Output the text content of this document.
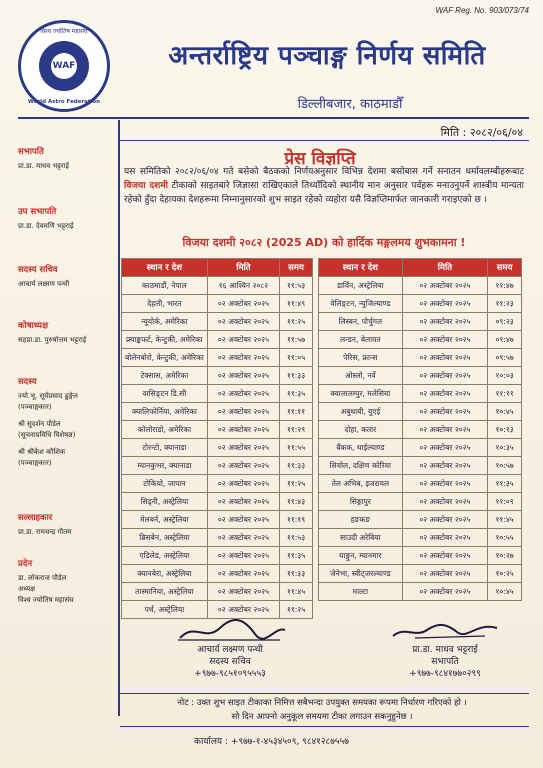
WAF Reg. No. 903/073/74
विश्व ज्योतिष महासंघ
WAF
World Astro Federation
अन्तर्राष्ट्रिय पञ्चाङ्ग निर्णय समिति
डिल्लीबजार, काठमाडौँ
सभापति
प्रा.डा. माधव भट्टराई
उप सभापति
प्रा.डा. देवमणि भट्टराई
सदस्य सचिव
आचार्य लक्ष्मण पन्थी
कोषाध्यक्ष
सहप्रा.डा. पुरुषोत्तम भट्टराई
सदस्य
ज्यो.भू. सूर्यप्रसाद ढुङ्गेल
(पञ्चाङ्गकार)
श्री सुदर्शन पौडेल
(सूचनाप्रविधि विशेषज्ञ)
श्री श्रीकेश कौशिक
(पञ्चाङ्गकार)
सल्लाहकार
प्रा.डा. रामचन्द्र गौतम
प्रदेन
डा. लोकराज पौडेल
अध्यक्ष
विश्व ज्योतिष महासंघ
मिति : २०८२/०६/०४
प्रेस विज्ञप्ति
यस समितिको २०८२/०६/०४ गते बसेको बैठकको निर्णयअनुसार विभिन्न देशमा बसोबास गर्ने सनातन धर्मावलम्बीहरूबाट विजया दशमी टीकाको साइतबारे जिज्ञासा राखिएकाले तिथ्याँदिको स्थानीय मान अनुसार पर्वहरू मनाउनुपर्ने शास्त्रीय मान्यता रहेको हुँदा देहायका देशहरूमा निम्नानुसारको शुभ साइत रहेको व्यहोरा यसै विज्ञप्तिमार्फत जानकारी गराइएको छ ।
विजया दशमी २०८२ (2025 AD) को हार्दिक मङ्गलमय शुभकामना !
स्थान र देश	मिति	समय
काठमाडौं, नेपाल	१६ आश्विन २०८२	११:५३
देहली, भारत	०२ अक्टोबर २०२५	११:४९
न्यूयोर्क, अमेरिका	०२ अक्टोबर २०२५	११:२५
फ्र्याङ्कफर्ट, केन्टुकी, अमेरिका	०२ अक्टोबर २०२५	११:५७
बोलेनबोरो, केन्टुकी, अमेरिका	०२ अक्टोबर २०२५	११:०५
टेक्सास, अमेरिका	०२ अक्टोबर २०२५	११:३३
वासिङ्टन डि.सी	०२ अक्टोबर २०२५	११:३५
क्यालिफोर्निया, अमेरिका	०२ अक्टोबर २०२५	११:११
कोलोराडो, अमेरिका	०२ अक्टोबर २०२५	११:२९
टोरन्टो, क्यानाडा	०२ अक्टोबर २०२५	११:५५
म्यानकुभर, क्यानाडा	०२ अक्टोबर २०२५	११:३३
टोकियो, जापान	०२ अक्टोबर २०२५	११:२५
सिड्नी, अस्ट्रेलिया	०२ अक्टोबर २०२५	११:४३
मेलबर्न, अस्ट्रेलिया	०२ अक्टोबर २०२५	११:१९
ब्रिसबेन, अस्ट्रेलिया	०२ अक्टोबर २०२५	११:५३
एडिलेड, अस्ट्रेलिया	०२ अक्टोबर २०२५	११:३५
क्यानबेरा, अस्ट्रेलिया	०२ अक्टोबर २०२५	११:३३
तास्मानिया, अस्ट्रेलिया	०२ अक्टोबर २०२५	११:४५
पर्थ, अस्ट्रेलिया	०२ अक्टोबर २०२५	११:२५
स्थान र देश	मिति	समय
डार्विन, अस्ट्रेलिया	०२ अक्टोबर २०२५	११:४७
वेलिङ्टन, न्युजिल्याण्ड	०२ अक्टोबर २०२५	११:२३
लिस्बन, पोर्चुगल	०२ अक्टोबर २०२५	०९:२३
लन्डन, बेलायत	०२ अक्टोबर २०२५	०९:४७
पेरिस, फ्रान्स	०२ अक्टोबर २०२५	०९:५७
ओस्लो, नर्वे	०२ अक्टोबर २०२५	१०:०३
क्वालालम्पुर, मलेसिया	०२ अक्टोबर २०२५	११:११
अबुधाबी, युएई	०२ अक्टोबर २०२५	१०:४५
दोहा, कतार	०२ अक्टोबर २०२५	१०:१३
बैंकक, थाईल्याण्ड	०२ अक्टोबर २०२५	१०:३५
सियोल, दक्षिण कोरिया	०२ अक्टोबर २०२५	१०:५७
तेल अभिब, इजरायल	०२ अक्टोबर २०२५	११:३५
सिङ्गापुर	०२ अक्टोबर २०२५	११:०९
हङकङ	०२ अक्टोबर २०२५	११:४५
साउदी अरेबिया	०२ अक्टोबर २०२५	१०:५५
याङ्गुन, म्यानमार	०२ अक्टोबर २०२५	१०:२७
जेनेभा, स्वीट्जरल्याण्ड	०२ अक्टोबर २०२५	१०:२५
माल्टा	०२ अक्टोबर २०२५	१०:४५
आचार्य लक्ष्मण पन्थी
सदस्य सचिव
+९७७-९८५१०९५५५३
प्रा.डा. माधव भट्टराई
सभापति
+९७७-९८४१७७०२९९
नोट : उक्त शुभ साइत टीकाका निमित्त सबैभन्दा उपयुक्त समयका रूपमा निर्धारण गरिएको हो ।
सो दिन आफ्नो अनुकूल समयमा टीका लगाउन सकनुहुनेछ ।
कार्यालय : +९७७-१-४५३४५०९, ९८४१२८७५५७
